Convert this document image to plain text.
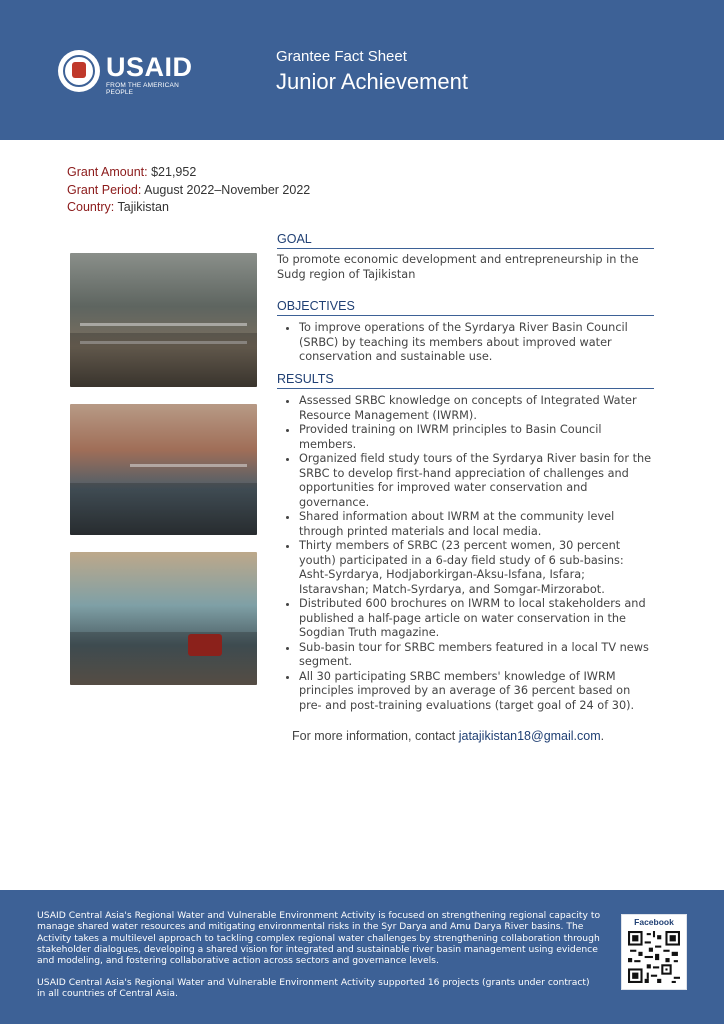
USAID
FROM THE AMERICAN PEOPLE
Grantee Fact Sheet
Junior Achievement
Grant Amount: $21,952
Grant Period: August 2022–November 2022
Country: Tajikistan
GOAL
To promote economic development and entrepreneurship in the Sudg region of Tajikistan
OBJECTIVES
• To improve operations of the Syrdarya River Basin Council (SRBC) by teaching its members about improved water conservation and sustainable use.
RESULTS
• Assessed SRBC knowledge on concepts of Integrated Water Resource Management (IWRM).
• Provided training on IWRM principles to Basin Council members.
• Organized field study tours of the Syrdarya River basin for the SRBC to develop first-hand appreciation of challenges and opportunities for improved water conservation and governance.
• Shared information about IWRM at the community level through printed materials and local media.
• Thirty members of SRBC (23 percent women, 30 percent youth) participated in a 6-day field study of 6 sub-basins: Asht-Syrdarya, Hodjaborkirgan-Aksu-Isfana, Isfara; Istaravshan; Match-Syrdarya, and Somgar-Mirzorabot.
• Distributed 600 brochures on IWRM to local stakeholders and published a half-page article on water conservation in the Sogdian Truth magazine.
• Sub-basin tour for SRBC members featured in a local TV news segment.
• All 30 participating SRBC members' knowledge of IWRM principles improved by an average of 36 percent based on pre- and post-training evaluations (target goal of 24 of 30).
For more information, contact jatajikistan18@gmail.com.
USAID Central Asia's Regional Water and Vulnerable Environment Activity is focused on strengthening regional capacity to manage shared water resources and mitigating environmental risks in the Syr Darya and Amu Darya River basins. The Activity takes a multilevel approach to tackling complex regional water challenges by strengthening collaboration through stakeholder dialogues, developing a shared vision for integrated and sustainable river basin management using evidence and modeling, and fostering collaborative action across sectors and governance levels.
USAID Central Asia's Regional Water and Vulnerable Environment Activity supported 16 projects (grants under contract) in all countries of Central Asia.
Facebook
